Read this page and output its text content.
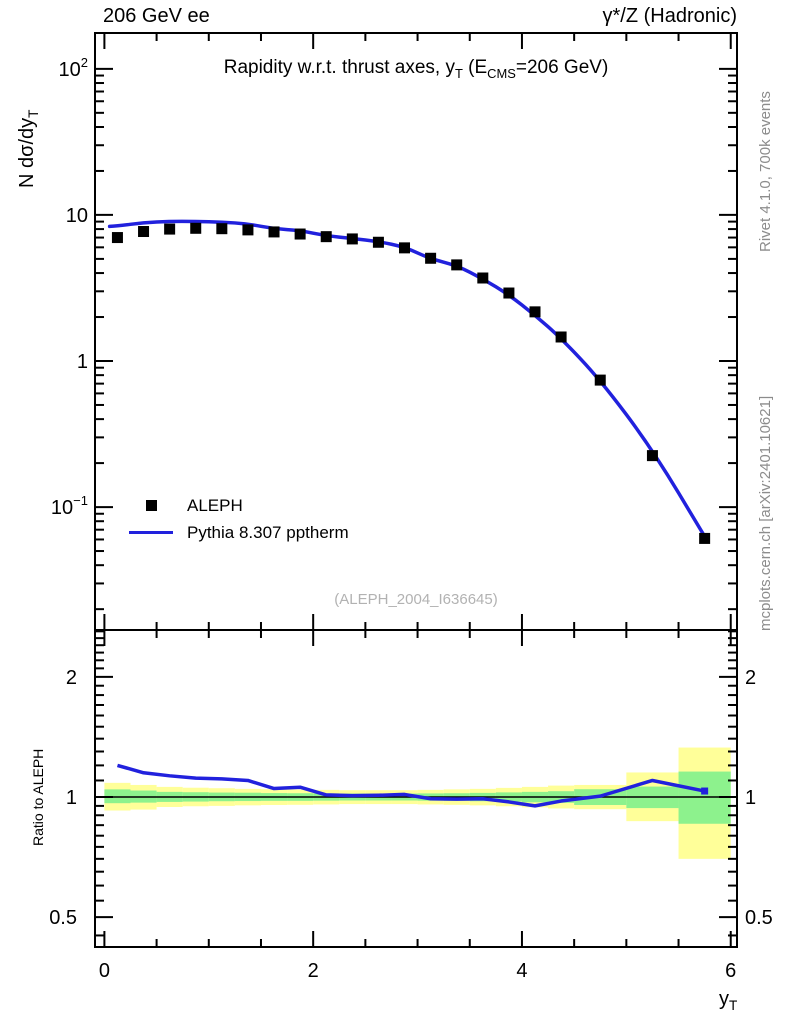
0	2	4	6
$10^2$
10
1
$10^{-1}$
2	2
1	1
0.5	0.5
206 GeV ee	γ*/Z (Hadronic)
Rapidity w.r.t. thrust axes, $y_T$ ($E_{CMS}=206$ GeV)
N $d\sigma/dy_T$
Ratio to ALEPH
Rivet 4.1.0, 700k events
mcplots.cern.ch [arXiv:2401.10621]
(ALEPH_2004_I636645)
ALEPH
Pythia 8.307 pptherm
$y_T$
